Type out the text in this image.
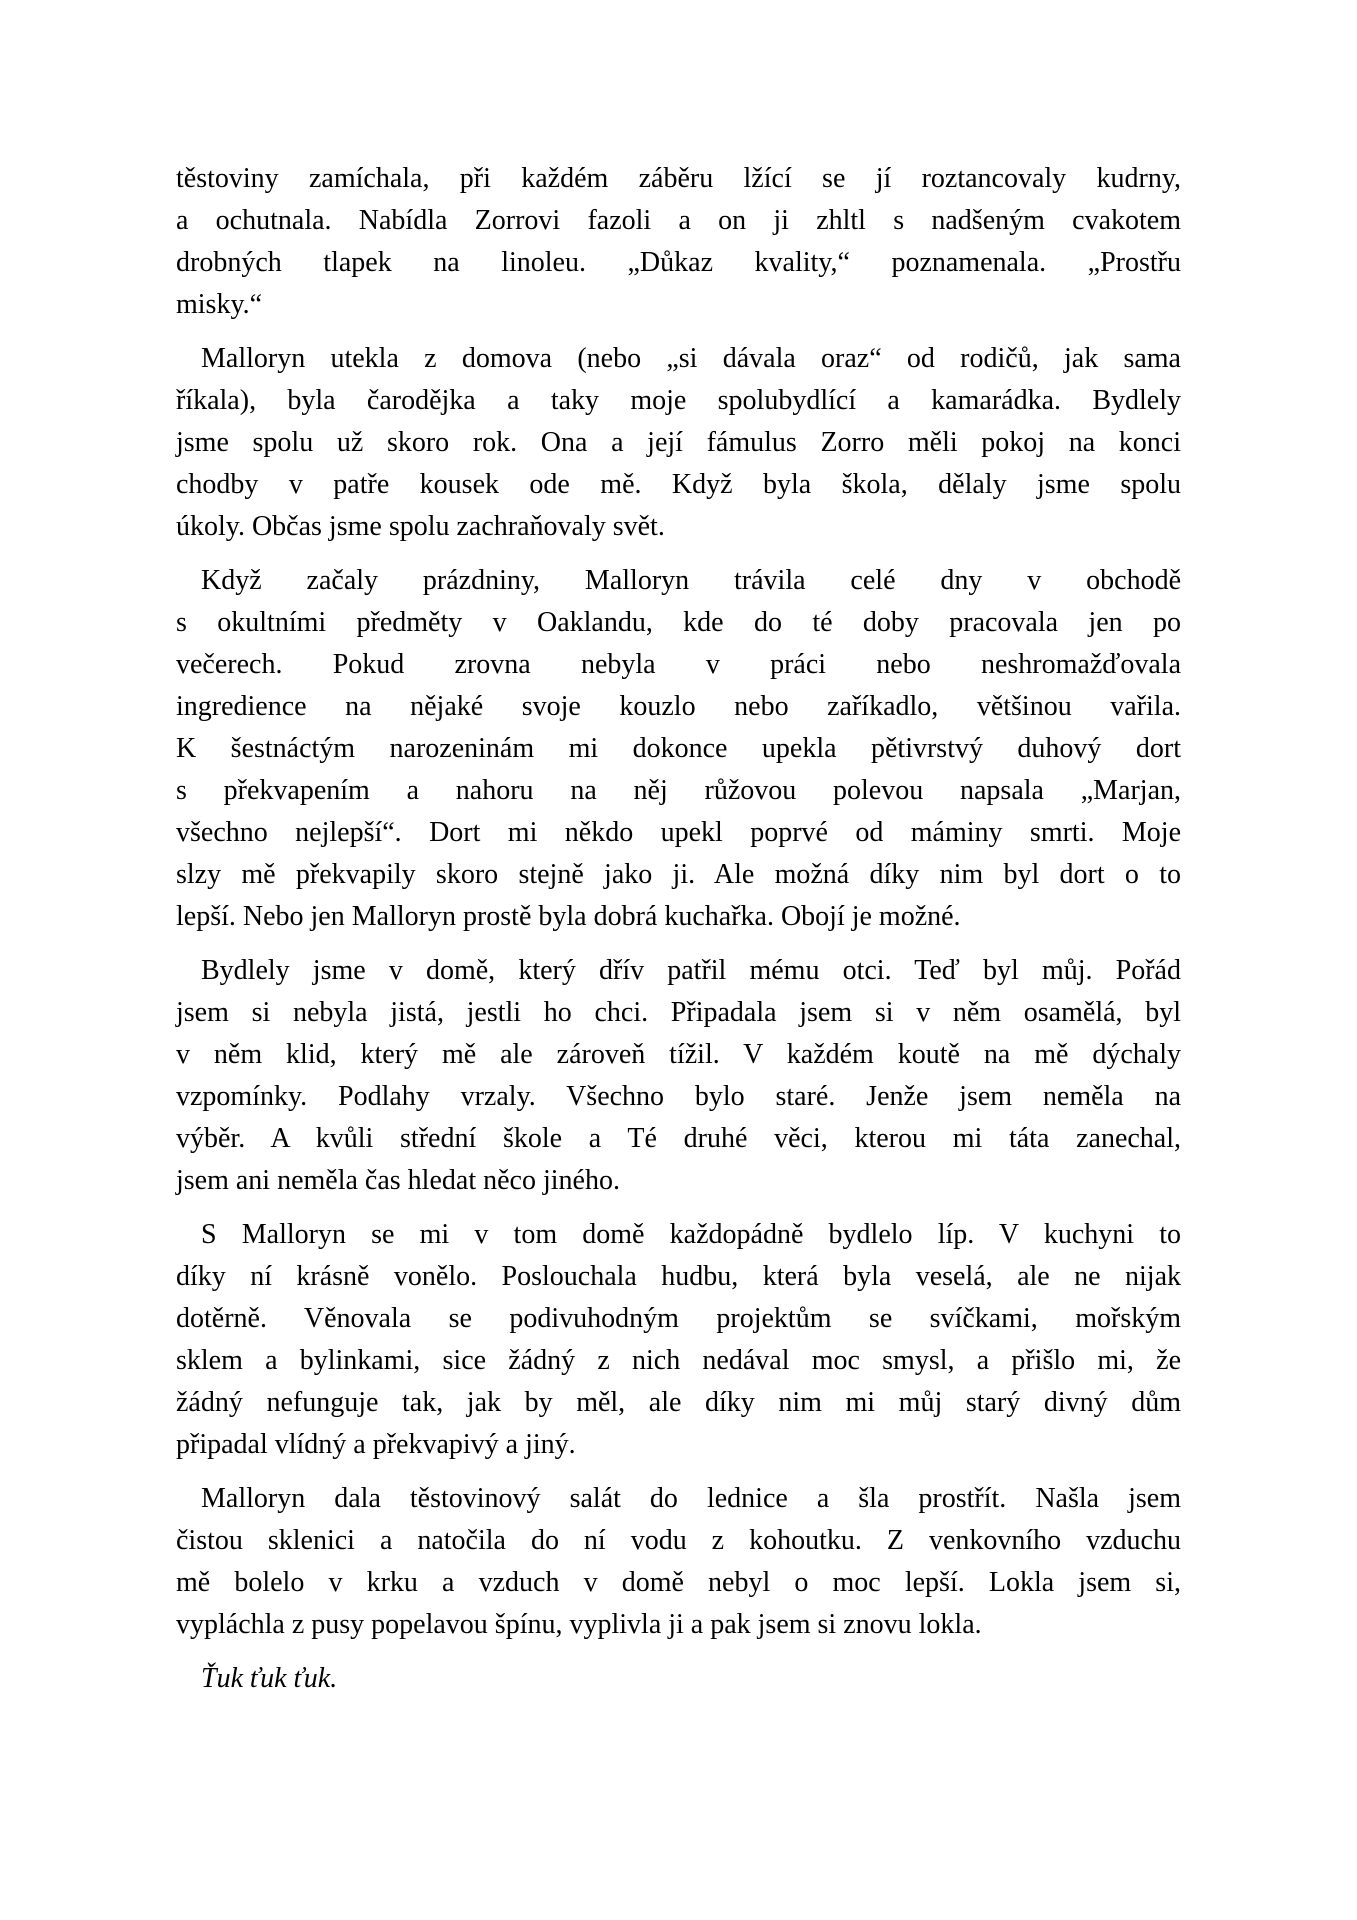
těstoviny zamíchala, při každém záběru lžící se jí roztancovaly kudrny,
a ochutnala. Nabídla Zorrovi fazoli a on ji zhltl s nadšeným cvakotem
drobných tlapek na linoleu. „Důkaz kvality,“ poznamenala. „Prostřu
misky.“

Malloryn utekla z domova (nebo „si dávala oraz“ od rodičů, jak sama
říkala), byla čarodějka a taky moje spolubydlící a kamarádka. Bydlely
jsme spolu už skoro rok. Ona a její fámulus Zorro měli pokoj na konci
chodby v patře kousek ode mě. Když byla škola, dělaly jsme spolu
úkoly. Občas jsme spolu zachraňovaly svět.

Když začaly prázdniny, Malloryn trávila celé dny v obchodě
s okultními předměty v Oaklandu, kde do té doby pracovala jen po
večerech. Pokud zrovna nebyla v práci nebo neshromažďovala
ingredience na nějaké svoje kouzlo nebo zaříkadlo, většinou vařila.
K šestnáctým narozeninám mi dokonce upekla pětivrstvý duhový dort
s překvapením a nahoru na něj růžovou polevou napsala „Marjan,
všechno nejlepší“. Dort mi někdo upekl poprvé od máminy smrti. Moje
slzy mě překvapily skoro stejně jako ji. Ale možná díky nim byl dort o to
lepší. Nebo jen Malloryn prostě byla dobrá kuchařka. Obojí je možné.

Bydlely jsme v domě, který dřív patřil mému otci. Teď byl můj. Pořád
jsem si nebyla jistá, jestli ho chci. Připadala jsem si v něm osamělá, byl
v něm klid, který mě ale zároveň tížil. V každém koutě na mě dýchaly
vzpomínky. Podlahy vrzaly. Všechno bylo staré. Jenže jsem neměla na
výběr. A kvůli střední škole a Té druhé věci, kterou mi táta zanechal,
jsem ani neměla čas hledat něco jiného.

S Malloryn se mi v tom domě každopádně bydlelo líp. V kuchyni to
díky ní krásně vonělo. Poslouchala hudbu, která byla veselá, ale ne nijak
dotěrně. Věnovala se podivuhodným projektům se svíčkami, mořským
sklem a bylinkami, sice žádný z nich nedával moc smysl, a přišlo mi, že
žádný nefunguje tak, jak by měl, ale díky nim mi můj starý divný dům
připadal vlídný a překvapivý a jiný.

Malloryn dala těstovinový salát do lednice a šla prostřít. Našla jsem
čistou sklenici a natočila do ní vodu z kohoutku. Z venkovního vzduchu
mě bolelo v krku a vzduch v domě nebyl o moc lepší. Lokla jsem si,
vypláchla z pusy popelavou špínu, vyplivla ji a pak jsem si znovu lokla.

Ťuk ťuk ťuk.
